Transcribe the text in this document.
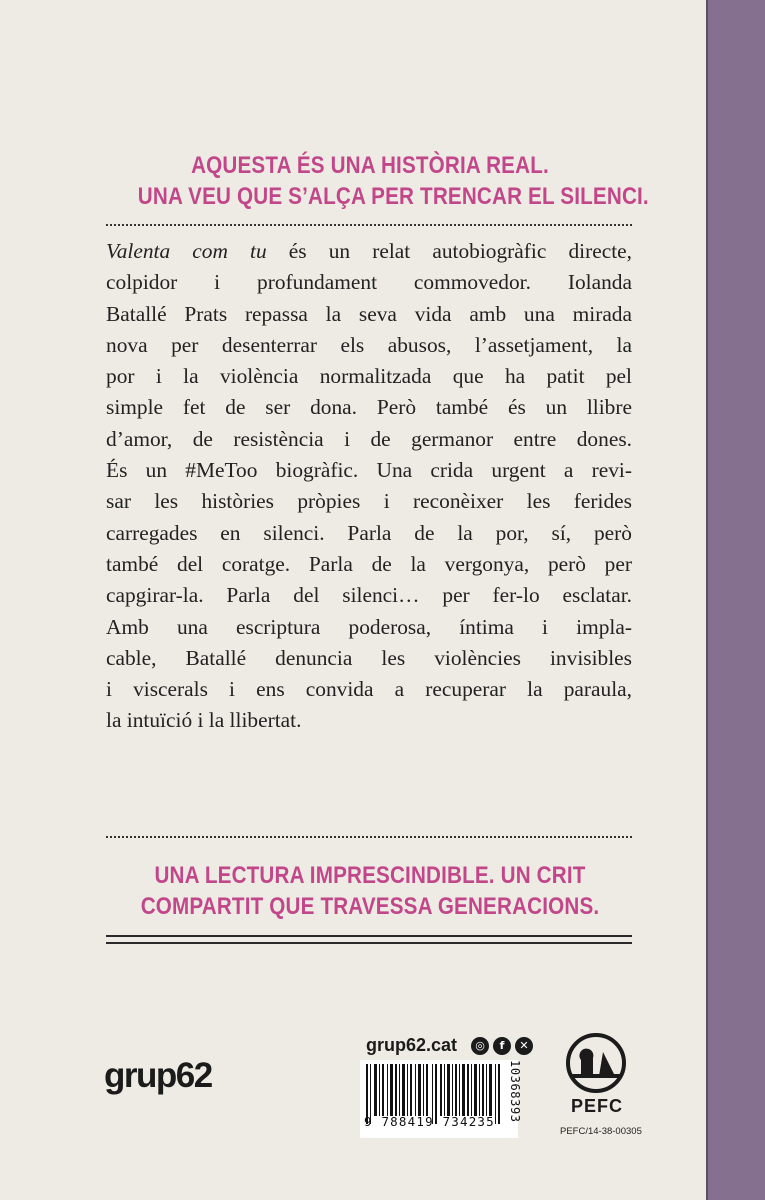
AQUESTA ÉS UNA HISTÒRIA REAL.
UNA VEU QUE S’ALÇA PER TRENCAR EL SILENCI.
Valenta com tu és un relat autobiogràfic directe,
colpidor i profundament commovedor. Iolanda
Batallé Prats repassa la seva vida amb una mirada
nova per desenterrar els abusos, l’assetjament, la
por i la violència normalitzada que ha patit pel
simple fet de ser dona. Però també és un llibre
d’amor, de resistència i de germanor entre dones.
És un #MeToo biogràfic. Una crida urgent a revi-
sar les històries pròpies i reconèixer les ferides
carregades en silenci. Parla de la por, sí, però
també del coratge. Parla de la vergonya, però per
capgirar-la. Parla del silenci… per fer-lo esclatar.
Amb una escriptura poderosa, íntima i impla-
cable, Batallé denuncia les violències invisibles
i viscerals i ens convida a recuperar la paraula,
la intuïció i la llibertat.
UNA LECTURA IMPRESCINDIBLE. UN CRIT
COMPARTIT QUE TRAVESSA GENERACIONS.
grup62
grup62.cat	◎	f	✕
9 788419 734235	10368393	PEFC
PEFC/14-38-00305
